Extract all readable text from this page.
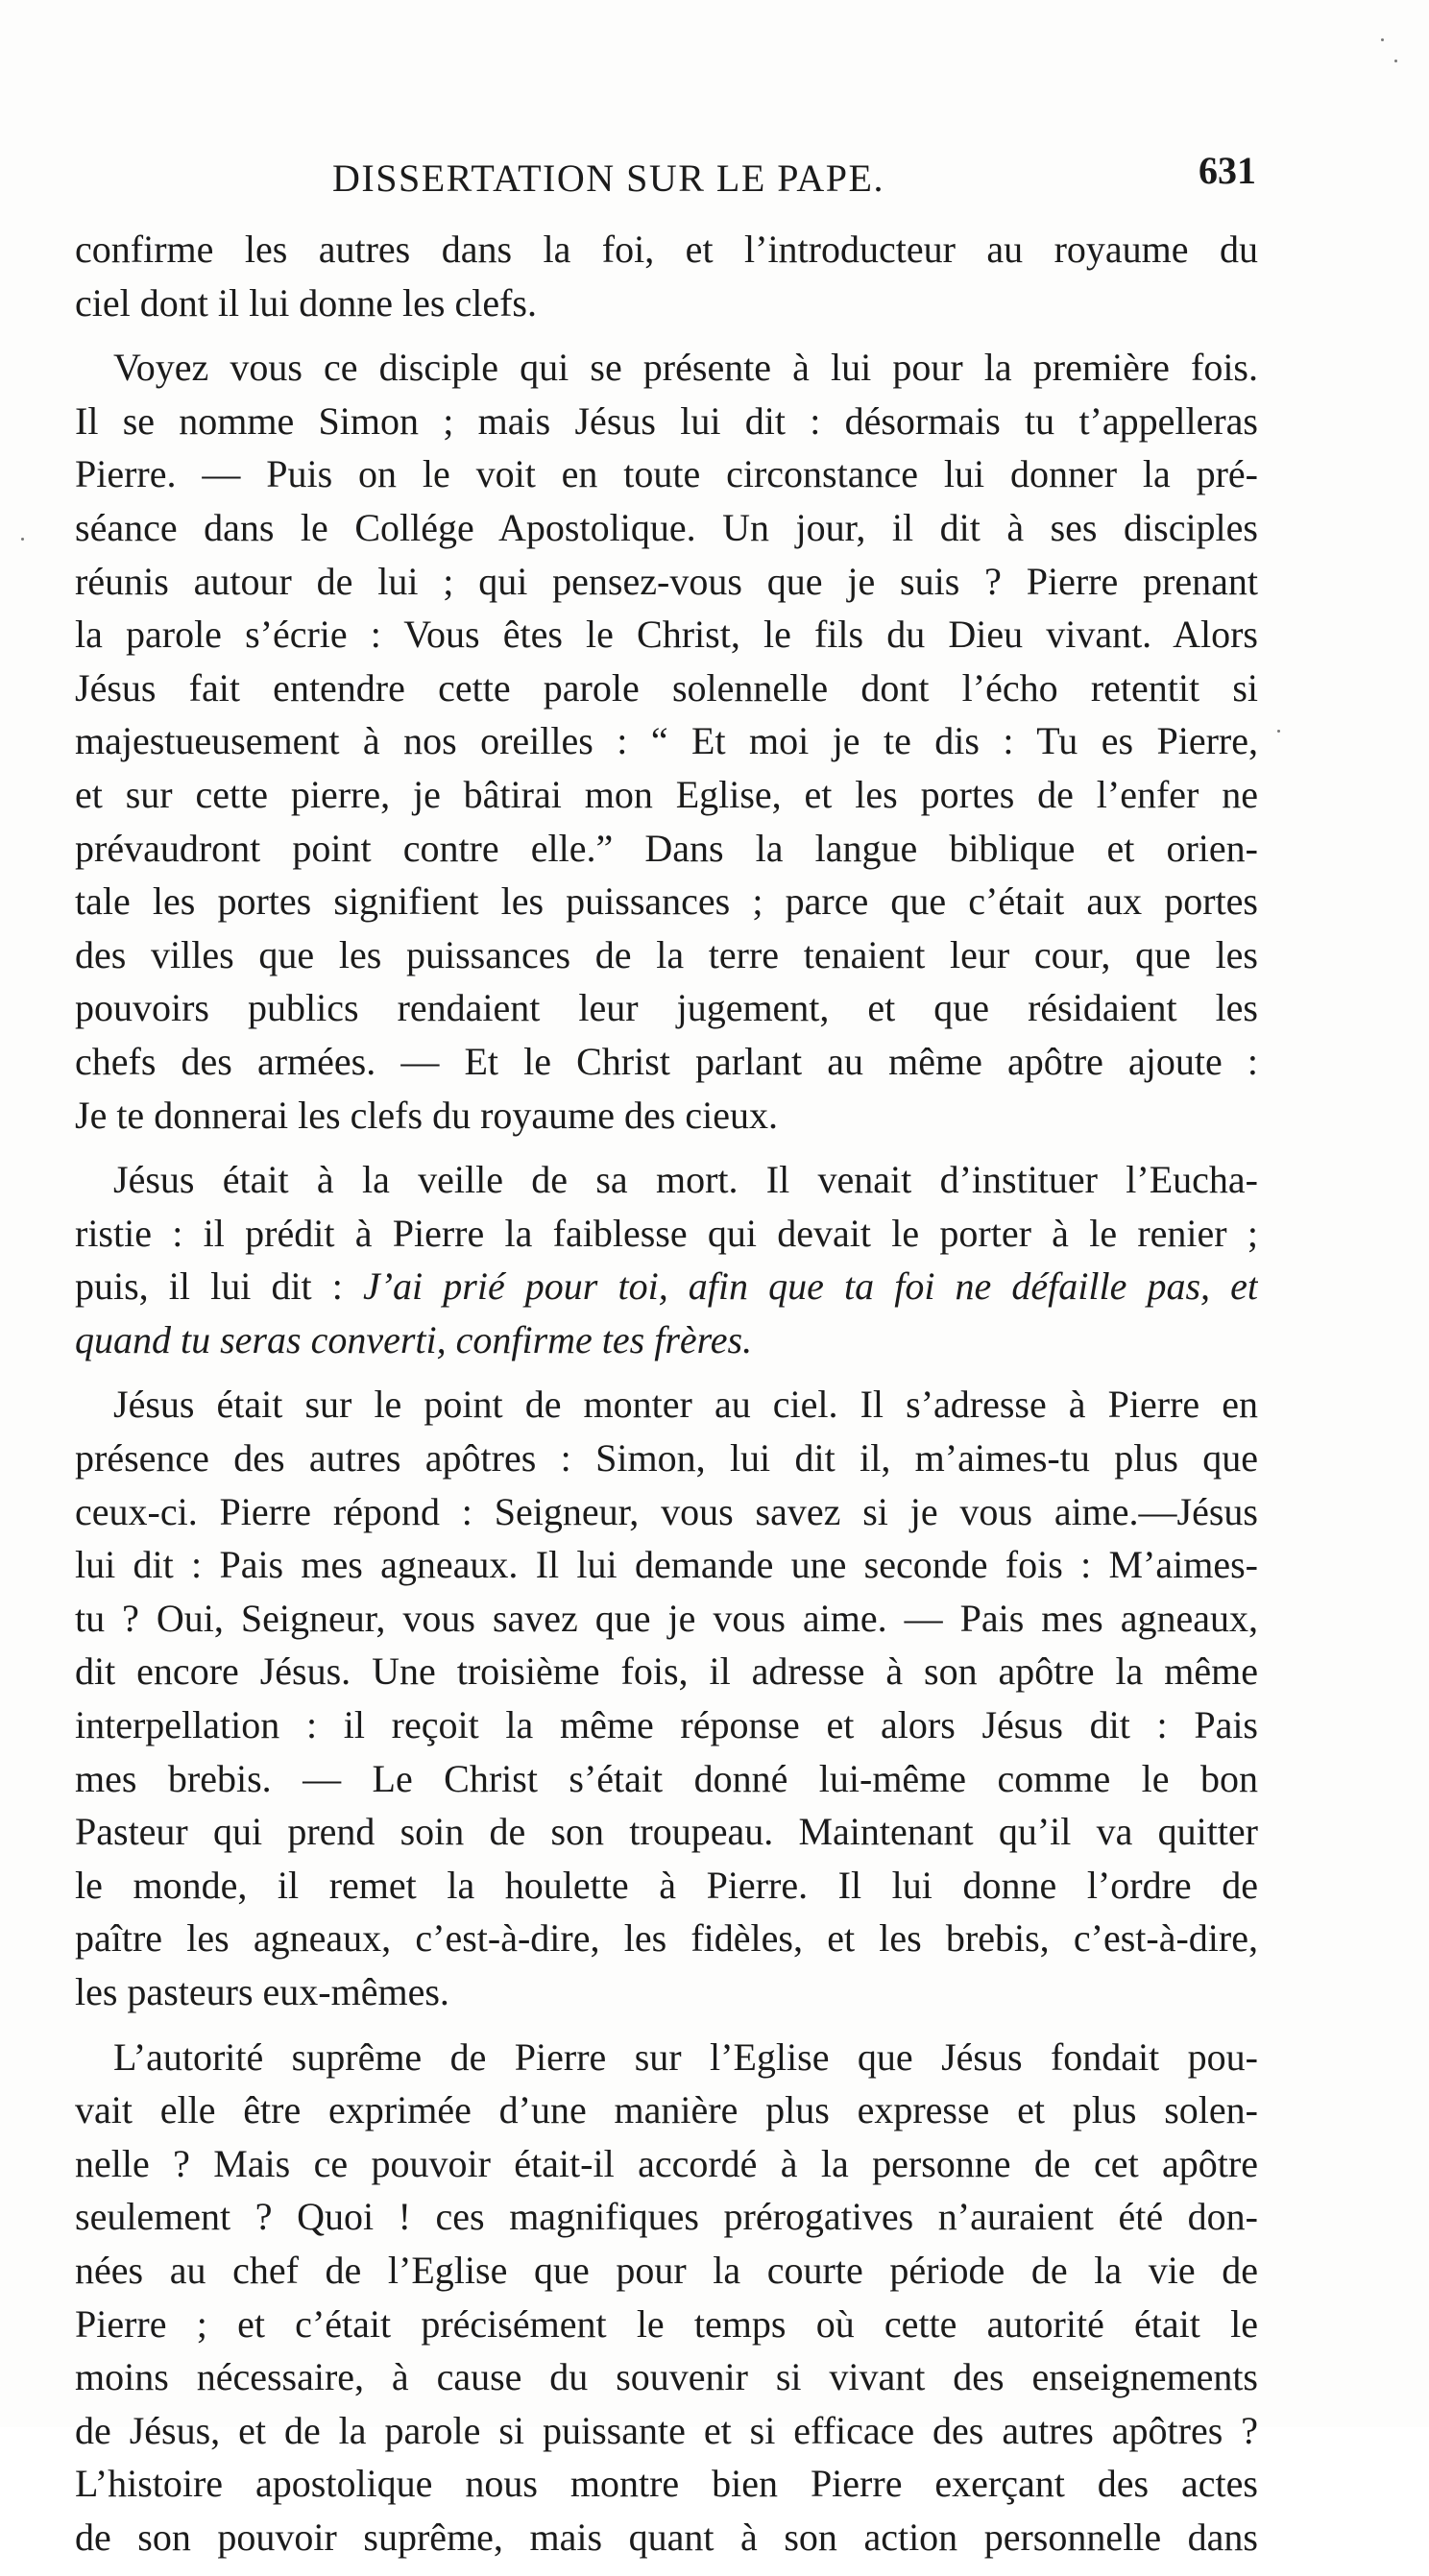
DISSERTATION SUR LE PAPE.	631
confirme les autres dans la foi, et l’introducteur au royaume du
ciel dont il lui donne les clefs.
Voyez vous ce disciple qui se présente à lui pour la première fois.
Il se nomme Simon ; mais Jésus lui dit : désormais tu t’appelleras
Pierre. — Puis on le voit en toute circonstance lui donner la pré-
séance dans le Collége Apostolique. Un jour, il dit à ses disciples
réunis autour de lui ; qui pensez-vous que je suis ? Pierre prenant
la parole s’écrie : Vous êtes le Christ, le fils du Dieu vivant. Alors
Jésus fait entendre cette parole solennelle dont l’écho retentit si
majestueusement à nos oreilles : “ Et moi je te dis : Tu es Pierre,
et sur cette pierre, je bâtirai mon Eglise, et les portes de l’enfer ne
prévaudront point contre elle.” Dans la langue biblique et orien-
tale les portes signifient les puissances ; parce que c’était aux portes
des villes que les puissances de la terre tenaient leur cour, que les
pouvoirs publics rendaient leur jugement, et que résidaient les
chefs des armées. — Et le Christ parlant au même apôtre ajoute :
Je te donnerai les clefs du royaume des cieux.
Jésus était à la veille de sa mort. Il venait d’instituer l’Eucha-
ristie : il prédit à Pierre la faiblesse qui devait le porter à le renier ;
puis, il lui dit : J’ai prié pour toi, afin que ta foi ne défaille pas, et
quand tu seras converti, confirme tes frères.
Jésus était sur le point de monter au ciel. Il s’adresse à Pierre en
présence des autres apôtres : Simon, lui dit il, m’aimes-tu plus que
ceux-ci. Pierre répond : Seigneur, vous savez si je vous aime.—Jésus
lui dit : Pais mes agneaux. Il lui demande une seconde fois : M’aimes-
tu ? Oui, Seigneur, vous savez que je vous aime. — Pais mes agneaux,
dit encore Jésus. Une troisième fois, il adresse à son apôtre la même
interpellation : il reçoit la même réponse et alors Jésus dit : Pais
mes brebis. — Le Christ s’était donné lui-même comme le bon
Pasteur qui prend soin de son troupeau. Maintenant qu’il va quitter
le monde, il remet la houlette à Pierre. Il lui donne l’ordre de
paître les agneaux, c’est-à-dire, les fidèles, et les brebis, c’est-à-dire,
les pasteurs eux-mêmes.
L’autorité suprême de Pierre sur l’Eglise que Jésus fondait pou-
vait elle être exprimée d’une manière plus expresse et plus solen-
nelle ? Mais ce pouvoir était-il accordé à la personne de cet apôtre
seulement ? Quoi ! ces magnifiques prérogatives n’auraient été don-
nées au chef de l’Eglise que pour la courte période de la vie de
Pierre ; et c’était précisément le temps où cette autorité était le
moins nécessaire, à cause du souvenir si vivant des enseignements
de Jésus, et de la parole si puissante et si efficace des autres apôtres ?
L’histoire apostolique nous montre bien Pierre exerçant des actes
de son pouvoir suprême, mais quant à son action personnelle dans
